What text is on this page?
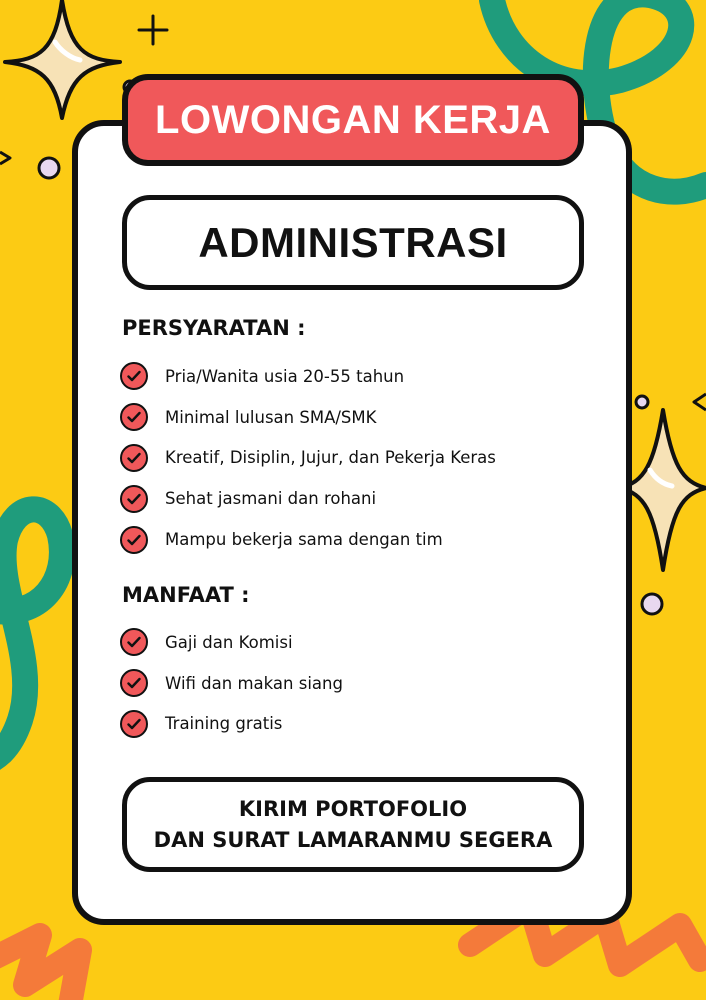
LOWONGAN KERJA
ADMINISTRASI
PERSYARATAN :
Pria/Wanita usia 20-55 tahun
Minimal lulusan SMA/SMK
Kreatif, Disiplin, Jujur, dan Pekerja Keras
Sehat jasmani dan rohani
Mampu bekerja sama dengan tim
MANFAAT :
Gaji dan Komisi
Wifi dan makan siang
Training gratis
KIRIM PORTOFOLIO
DAN SURAT LAMARANMU SEGERA
